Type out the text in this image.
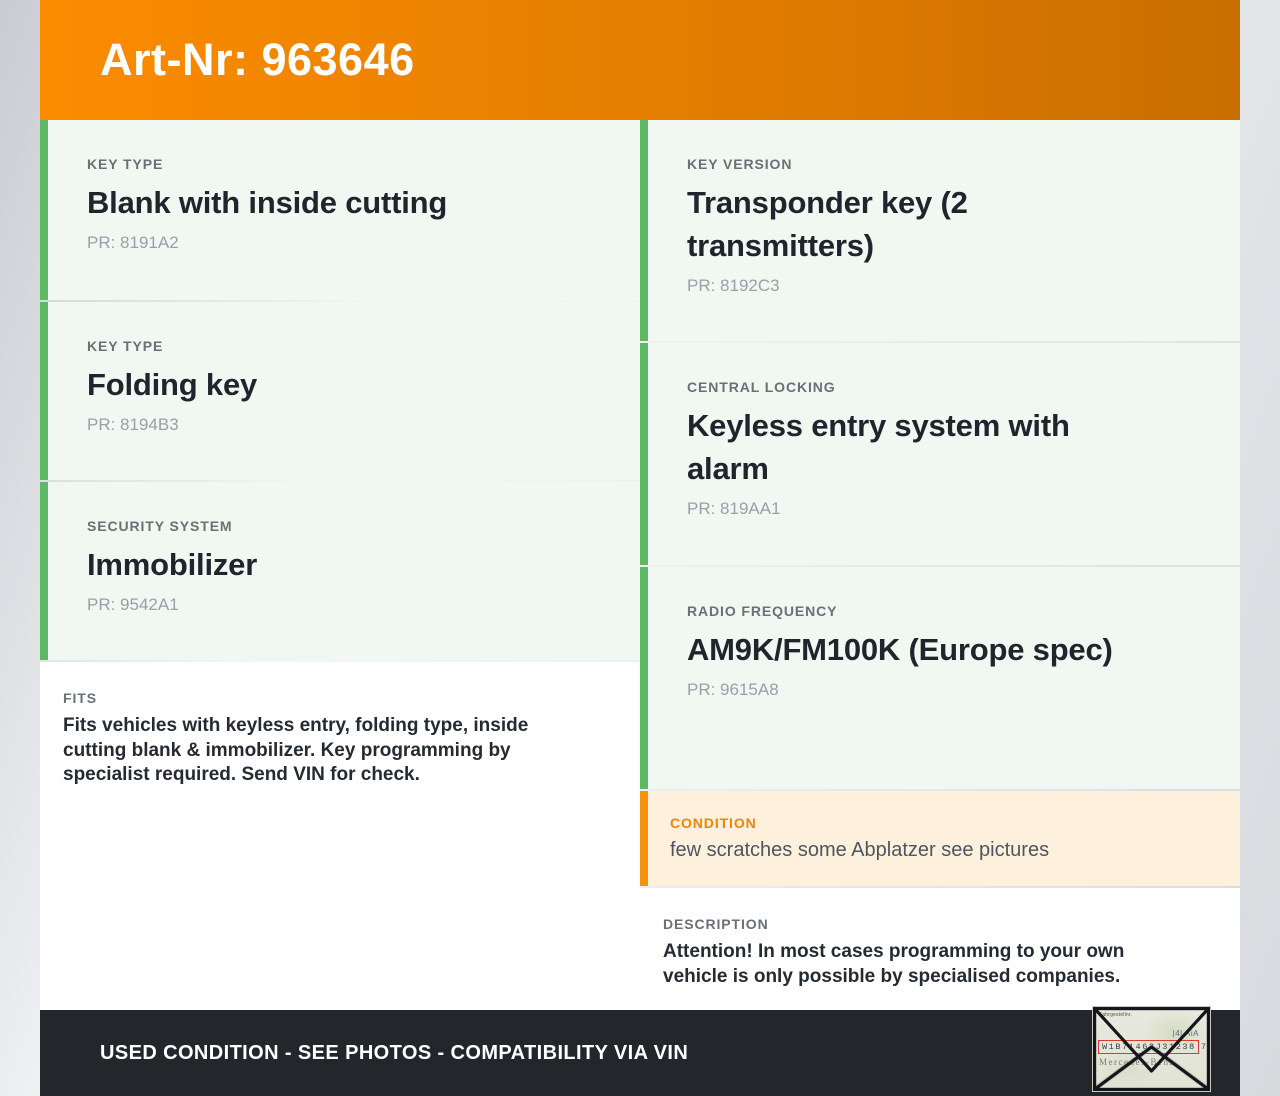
Art-Nr: 963646
KEY TYPE
Blank with inside cutting
PR: 8191A2
KEY TYPE
Folding key
PR: 8194B3
SECURITY SYSTEM
Immobilizer
PR: 9542A1
FITS
Fits vehicles with keyless entry, folding type, inside cutting blank & immobilizer. Key programming by specialist required. Send VIN for check.
KEY VERSION
Transponder key (2 transmitters)
PR: 8192C3
CENTRAL LOCKING
Keyless entry system with alarm
PR: 819AA1
RADIO FREQUENCY
AM9K/FM100K (Europe spec)
PR: 9615A8
CONDITION
few scratches some Abplatzer see pictures
DESCRIPTION
Attention! In most cases programming to your own vehicle is only possible by specialised companies.
USED CONDITION - SEE PHOTOS - COMPATIBILITY VIA VIN
Fahrgestellnr.
|4| AiA
W1B71463J31238 7
Mercedes-Benz
